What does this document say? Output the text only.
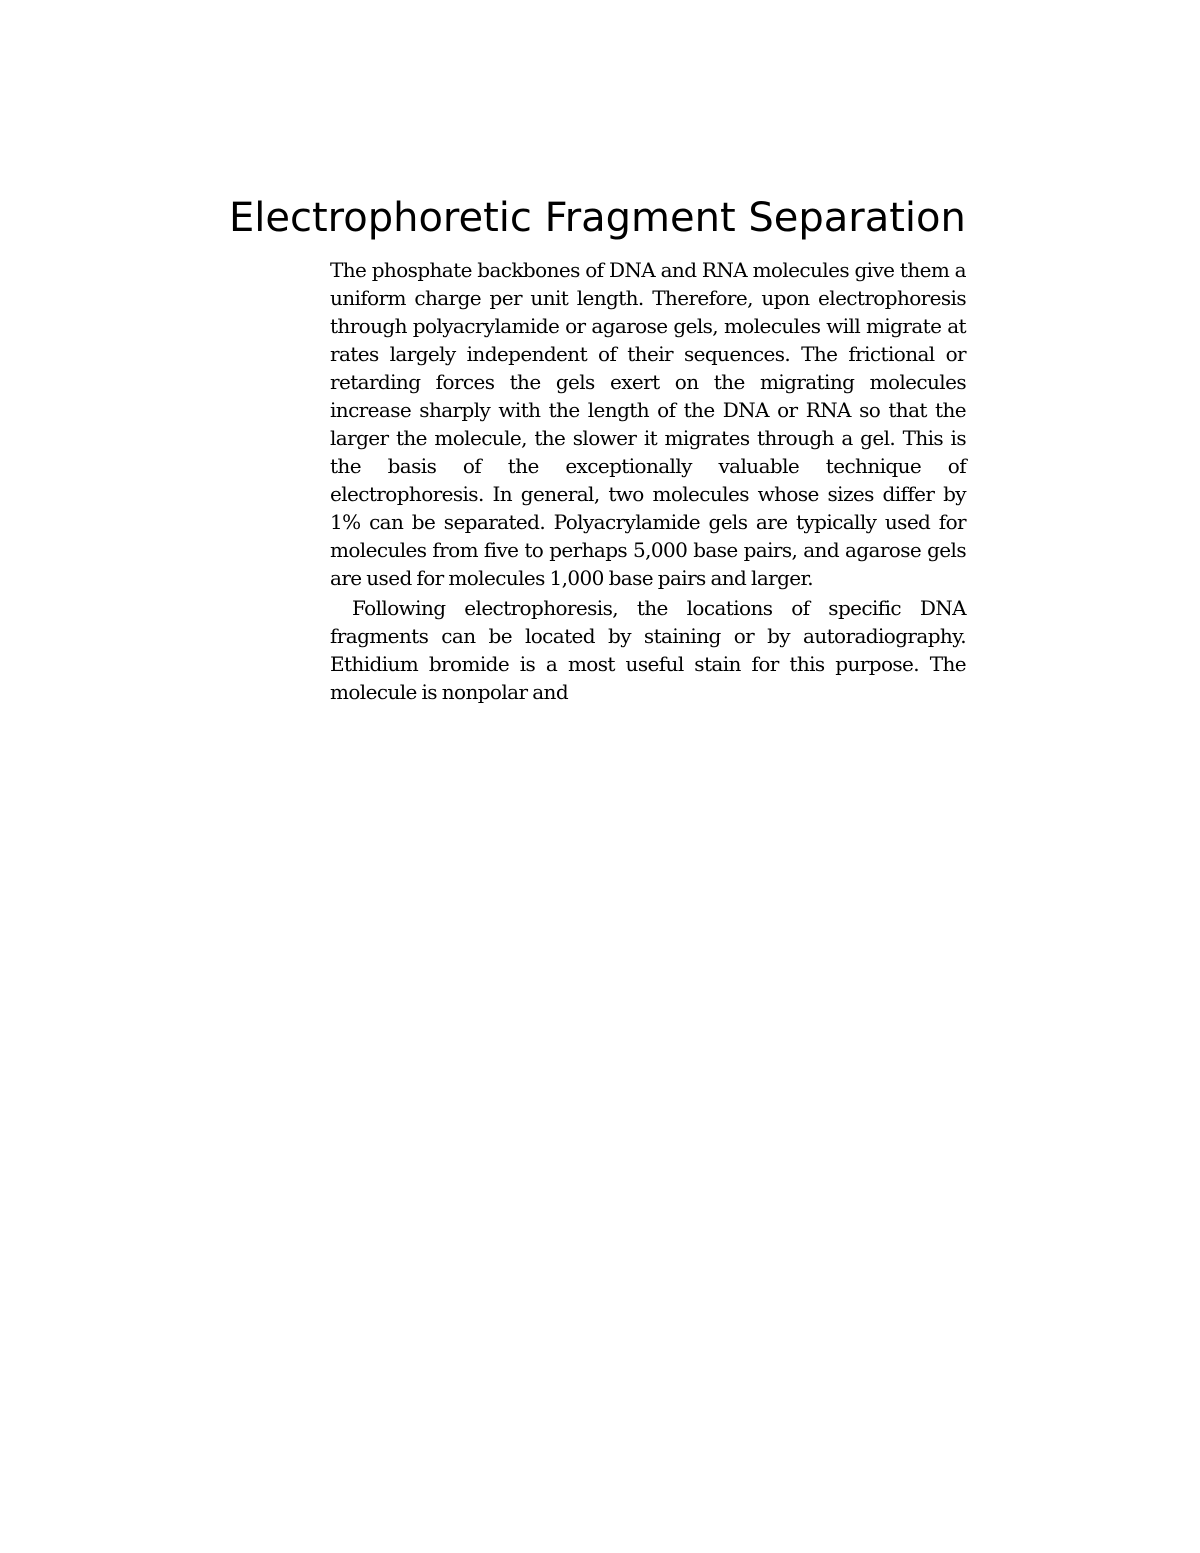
Electrophoretic Fragment Separation

The phosphate backbones of DNA and RNA molecules give them a uniform charge per unit length. Therefore, upon electrophoresis through polyacrylamide or agarose gels, molecules will migrate at rates largely independent of their sequences. The frictional or retarding forces the gels exert on the migrating molecules increase sharply with the length of the DNA or RNA so that the larger the molecule, the slower it migrates through a gel. This is the basis of the exceptionally valuable technique of electrophoresis. In general, two molecules whose sizes differ by 1% can be separated. Polyacrylamide gels are typically used for molecules from five to perhaps 5,000 base pairs, and agarose gels are used for molecules 1,000 base pairs and larger.

Following electrophoresis, the locations of specific DNA fragments can be located by staining or by autoradiography. Ethidium bromide is a most useful stain for this purpose. The molecule is nonpolar and
